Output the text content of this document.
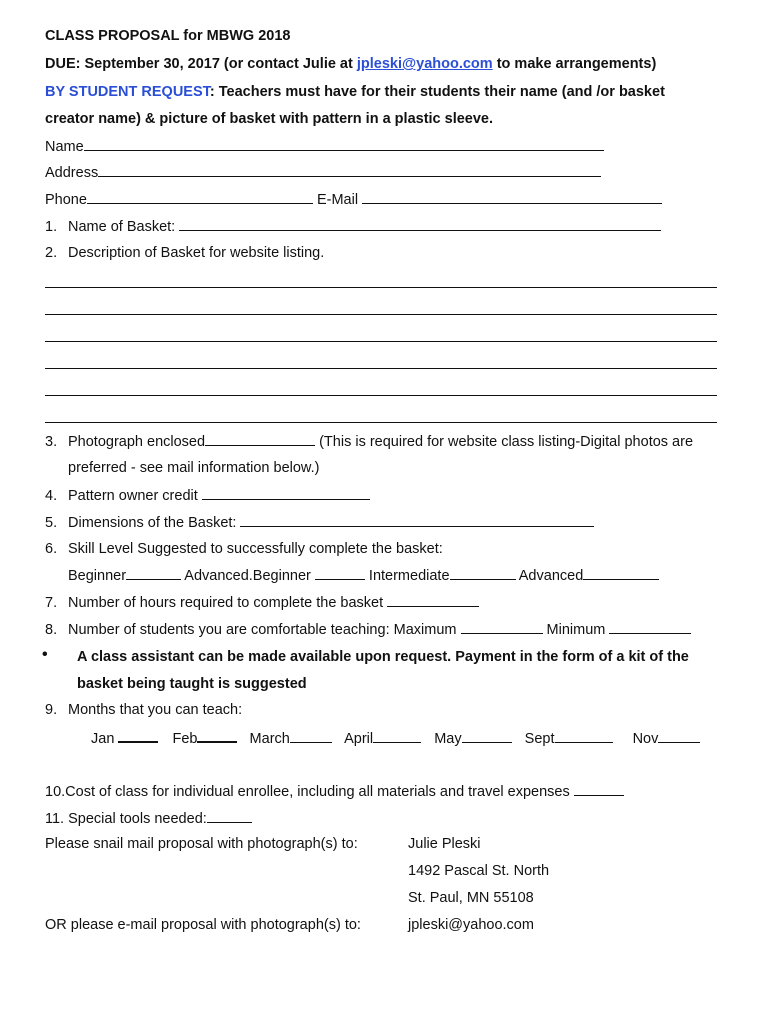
CLASS PROPOSAL for MBWG 2018
DUE: September 30, 2017 (or contact Julie at jpleski@yahoo.com to make arrangements)
BY STUDENT REQUEST: Teachers must have for their students their name (and /or basket
creator name) & picture of basket with pattern in a plastic sleeve.
Name
Address
Phone	E-Mail
1. Name of Basket:
2. Description of Basket for website listing.
3. Photograph enclosed	(This is required for website class listing-Digital photos are
preferred - see mail information below.)
4. Pattern owner credit
5. Dimensions of the Basket:
6. Skill Level Suggested to successfully complete the basket:
Beginner	Advanced.Beginner	Intermediate	Advanced
7. Number of hours required to complete the basket
8. Number of students you are comfortable teaching: Maximum	Minimum
• A class assistant can be made available upon request. Payment in the form of a kit of the
basket being taught is suggested
9. Months that you can teach:
Jan	Feb	March	April	May	Sept	Nov
10.Cost of class for individual enrollee, including all materials and travel expenses
11. Special tools needed:
Please snail mail proposal with photograph(s) to:	Julie Pleski
1492 Pascal St. North
St. Paul, MN 55108
OR please e-mail proposal with photograph(s) to:	jpleski@yahoo.com
